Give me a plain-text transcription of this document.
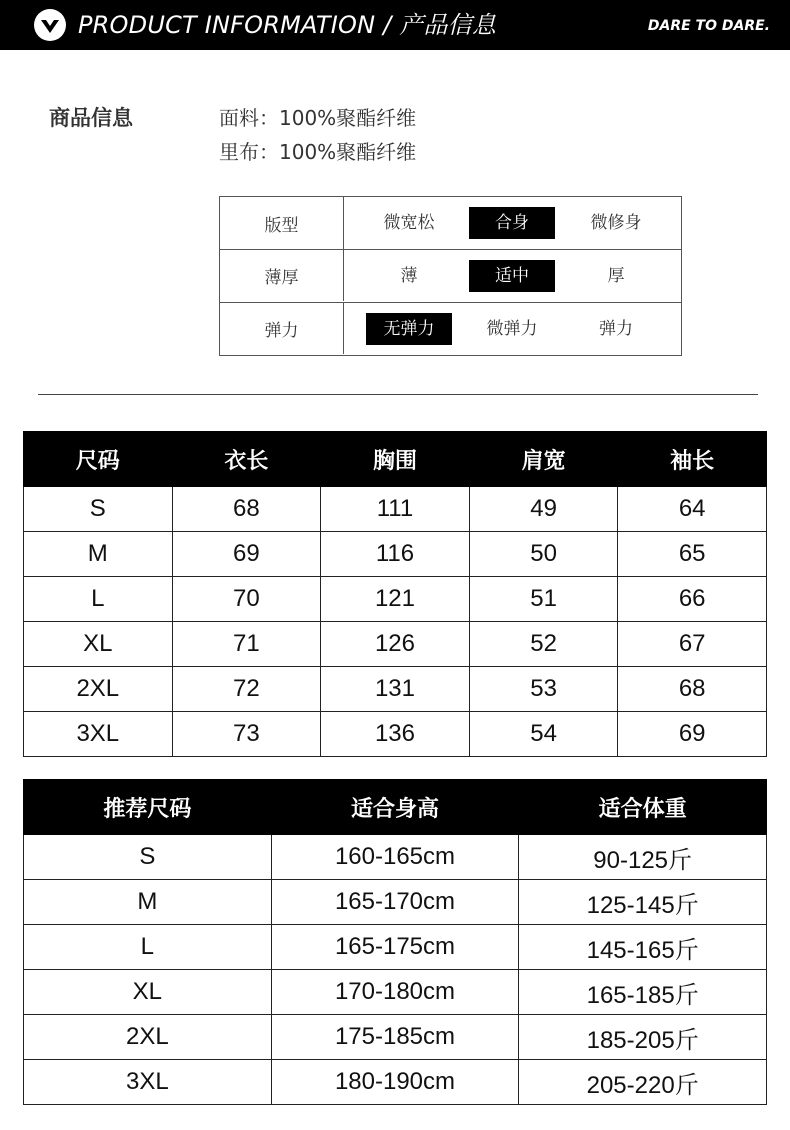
PRODUCT INFORMATION / 产品信息	DARE TO DARE.
商品信息	面料：100%聚酯纤维
里布：100%聚酯纤维
版型	微宽松	合身	微修身
薄厚	薄	适中	厚
弹力	无弹力	微弹力	弹力
尺码	衣长	胸围	肩宽	袖长
S	68	111	49	64
M	69	116	50	65
L	70	121	51	66
XL	71	126	52	67
2XL	72	131	53	68
3XL	73	136	54	69
推荐尺码	适合身高	适合体重
S	160-165cm	90-125斤
M	165-170cm	125-145斤
L	165-175cm	145-165斤
XL	170-180cm	165-185斤
2XL	175-185cm	185-205斤
3XL	180-190cm	205-220斤
